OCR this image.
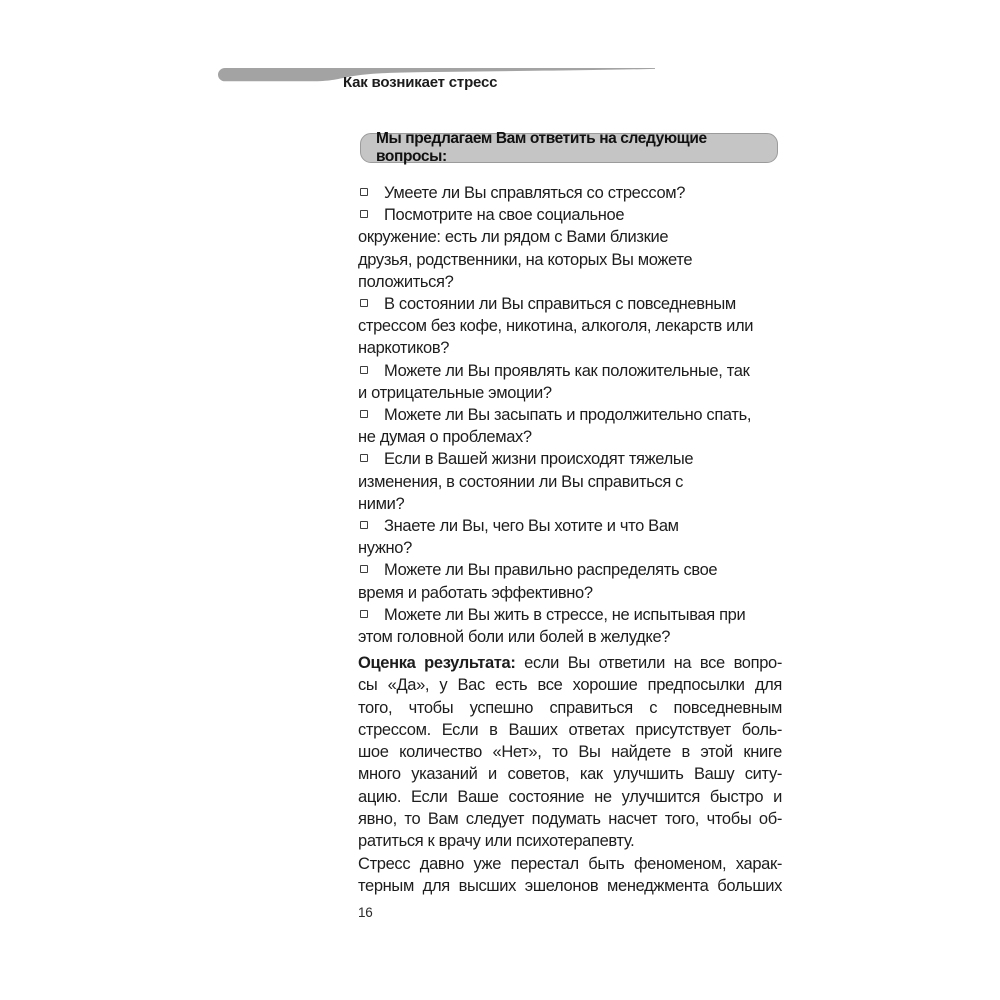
Как возникает стресс
Мы предлагаем Вам ответить на следующие вопросы:
Умеете ли Вы справляться со стрессом?
Посмотрите на свое социальное
окружение: есть ли рядом с Вами близкие
друзья, родственники, на которых Вы можете
положиться?
В состоянии ли Вы справиться с повседневным
стрессом без кофе, никотина, алкоголя, лекарств или
наркотиков?
Можете ли Вы проявлять как положительные, так
и отрицательные эмоции?
Можете ли Вы засыпать и продолжительно спать,
не думая о проблемах?
Если в Вашей жизни происходят тяжелые
изменения, в состоянии ли Вы справиться с
ними?
Знаете ли Вы, чего Вы хотите и что Вам
нужно?
Можете ли Вы правильно распределять свое
время и работать эффективно?
Можете ли Вы жить в стрессе, не испытывая при
этом головной боли или болей в желудке?
Оценка результата: если Вы ответили на все вопро-
сы «Да», у Вас есть все хорошие предпосылки для
того, чтобы успешно справиться с повседневным
стрессом. Если в Ваших ответах присутствует боль-
шое количество «Нет», то Вы найдете в этой книге
много указаний и советов, как улучшить Вашу ситу-
ацию. Если Ваше состояние не улучшится быстро и
явно, то Вам следует подумать насчет того, чтобы об-
ратиться к врачу или психотерапевту.
Стресс давно уже перестал быть феноменом, харак-
терным для высших эшелонов менеджмента больших
16
